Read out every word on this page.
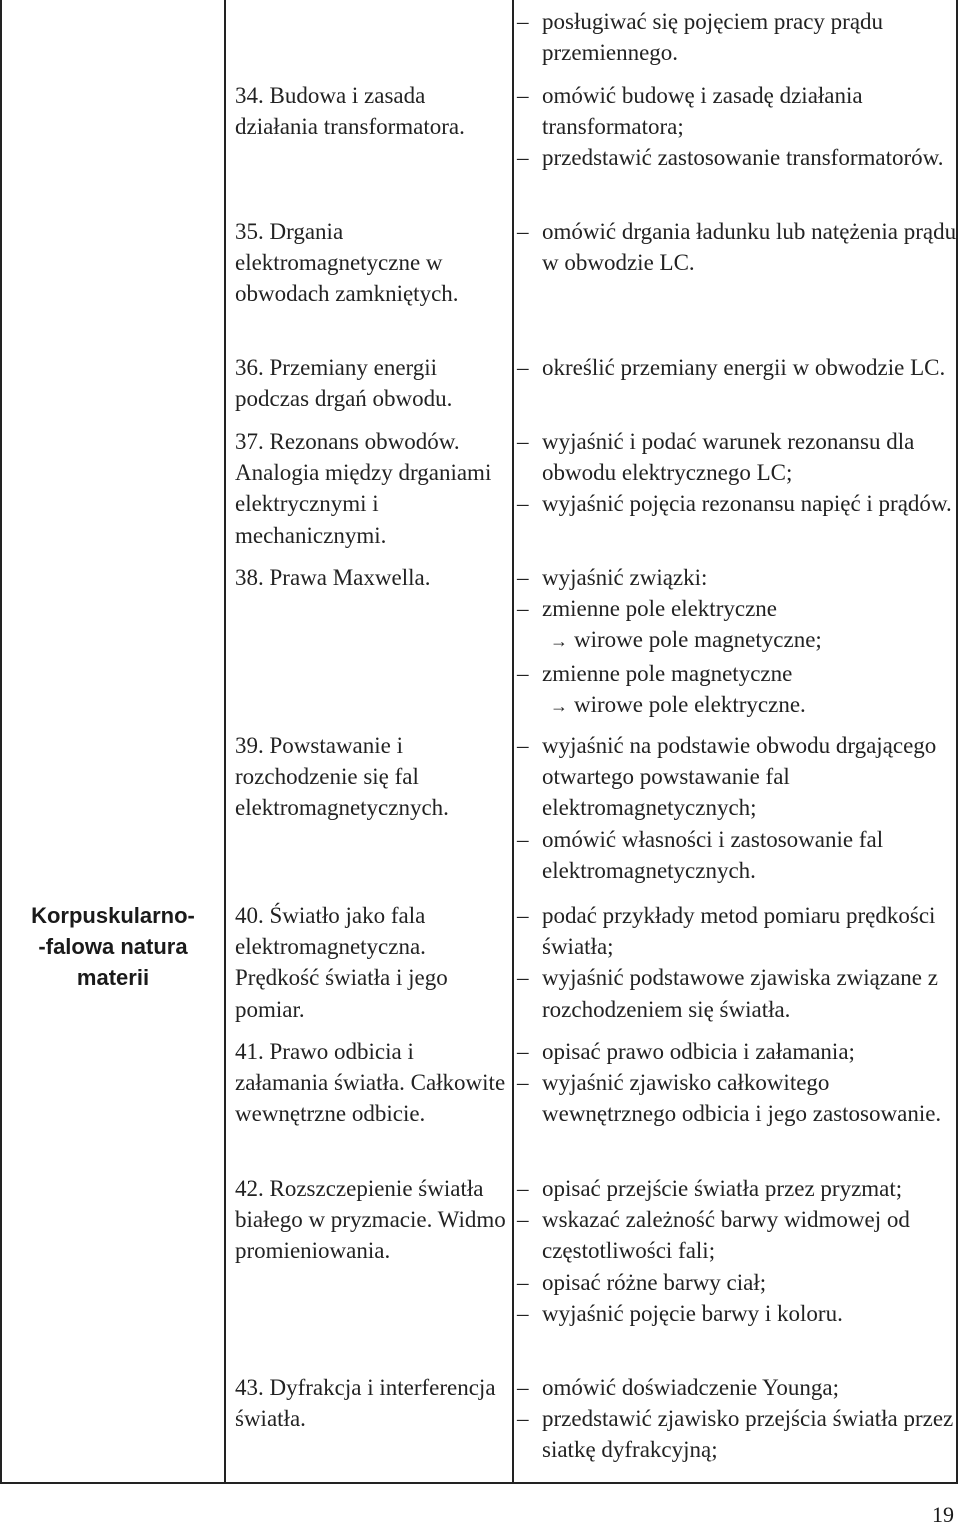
Korpuskularno-
-falowa natura
materii
– posługiwać się pojęciem pracy prądu przemiennego.
34. Budowa i zasada działania transformatora.
– omówić budowę i zasadę działania transformatora;
– przedstawić zastosowanie transformatorów.
35. Drgania elektromagnetyczne w obwodach zamkniętych.
– omówić drgania ładunku lub natężenia prądu w obwodzie LC.
36. Przemiany energii podczas drgań obwodu.
– określić przemiany energii w obwodzie LC.
37. Rezonans obwodów. Analogia między drganiami elektrycznymi i mechanicznymi.
– wyjaśnić i podać warunek rezonansu dla obwodu elektrycznego LC;
– wyjaśnić pojęcia rezonansu napięć i prądów.
38. Prawa Maxwella.	– wyjaśnić związki:
– zmienne pole elektryczne
→ wirowe pole magnetyczne;
– zmienne pole magnetyczne
→ wirowe pole elektryczne.
39. Powstawanie i rozchodzenie się fal elektromagnetycznych.
– wyjaśnić na podstawie obwodu drgającego otwartego powstawanie fal elektromagnetycznych;
– omówić własności i zastosowanie fal elektromagnetycznych.
40. Światło jako fala elektromagnetyczna. Prędkość światła i jego pomiar.
– podać przykłady metod pomiaru prędkości światła;
– wyjaśnić podstawowe zjawiska związane z rozchodzeniem się światła.
41. Prawo odbicia i załamania światła. Całkowite wewnętrzne odbicie.
– opisać prawo odbicia i załamania;
– wyjaśnić zjawisko całkowitego wewnętrznego odbicia i jego zastosowanie.
42. Rozszczepienie światła białego w pryzmacie. Widmo promieniowania.
– opisać przejście światła przez pryzmat;
– wskazać zależność barwy widmowej od częstotliwości fali;
– opisać różne barwy ciał;
– wyjaśnić pojęcie barwy i koloru.
43. Dyfrakcja i interferencja światła.
– omówić doświadczenie Younga;
– przedstawić zjawisko przejścia światła przez siatkę dyfrakcyjną;
19
